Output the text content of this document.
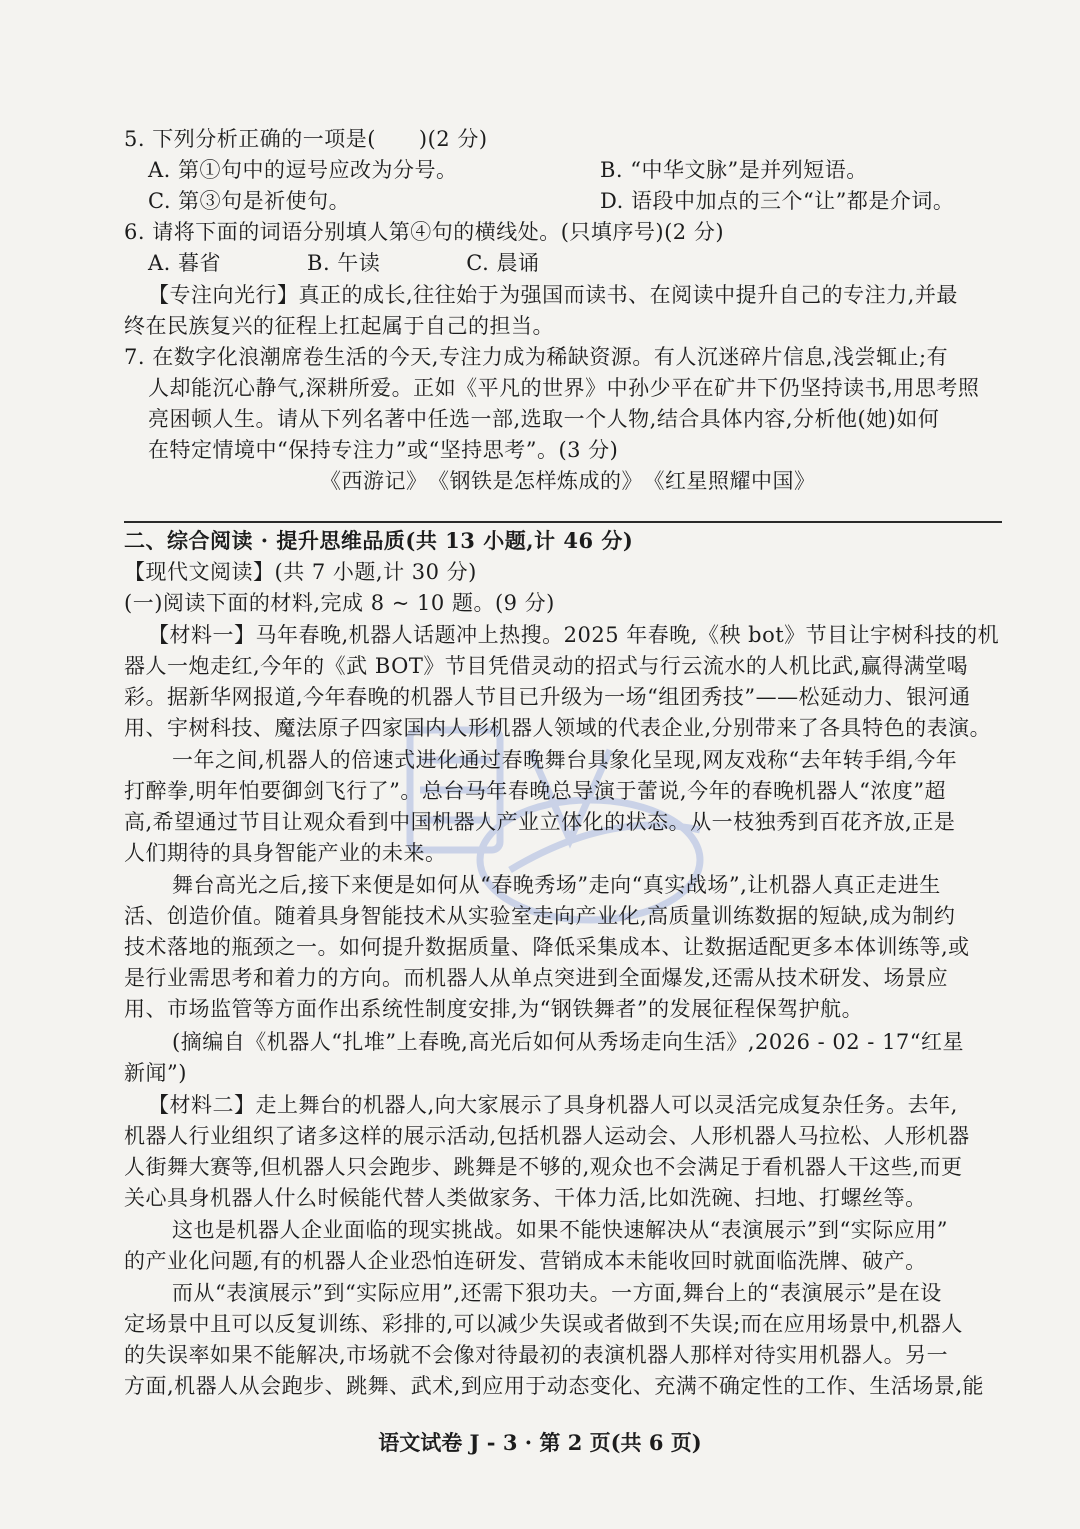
5. 下列分析正确的一项是(　　)(2 分)
A. 第①句中的逗号应改为分号。	B. “中华文脉”是并列短语。
C. 第③句是祈使句。	D. 语段中加点的三个“让”都是介词。
6. 请将下面的词语分别填人第④句的横线处。(只填序号)(2 分)
A. 暮省　　　　B. 午读　　　　C. 晨诵
【专注向光行】真正的成长,往往始于为强国而读书、在阅读中提升自己的专注力,并最
终在民族复兴的征程上扛起属于自己的担当。
7. 在数字化浪潮席卷生活的今天,专注力成为稀缺资源。有人沉迷碎片信息,浅尝辄止;有
人却能沉心静气,深耕所爱。正如《平凡的世界》中孙少平在矿井下仍坚持读书,用思考照
亮困顿人生。请从下列名著中任选一部,选取一个人物,结合具体内容,分析他(她)如何
在特定情境中“保持专注力”或“坚持思考”。(3 分)
《西游记》　《钢铁是怎样炼成的》　《红星照耀中国》
二、综合阅读 · 提升思维品质(共 13 小题,计 46 分)
【现代文阅读】(共 7 小题,计 30 分)
(一)阅读下面的材料,完成 8 ~ 10 题。(9 分)
【材料一】马年春晚,机器人话题冲上热搜。2025 年春晚,《秧 bot》节目让宇树科技的机
器人一炮走红,今年的《武 BOT》节目凭借灵动的招式与行云流水的人机比武,赢得满堂喝
彩。据新华网报道,今年春晚的机器人节目已升级为一场“组团秀技”——松延动力、银河通
用、宇树科技、魔法原子四家国内人形机器人领域的代表企业,分别带来了各具特色的表演。
一年之间,机器人的倍速式进化通过春晚舞台具象化呈现,网友戏称“去年转手绢,今年
打醉拳,明年怕要御剑飞行了”。总台马年春晚总导演于蕾说,今年的春晚机器人“浓度”超
高,希望通过节目让观众看到中国机器人产业立体化的状态。从一枝独秀到百花齐放,正是
人们期待的具身智能产业的未来。
舞台高光之后,接下来便是如何从“春晚秀场”走向“真实战场”,让机器人真正走进生
活、创造价值。随着具身智能技术从实验室走向产业化,高质量训练数据的短缺,成为制约
技术落地的瓶颈之一。如何提升数据质量、降低采集成本、让数据适配更多本体训练等,或
是行业需思考和着力的方向。而机器人从单点突进到全面爆发,还需从技术研发、场景应
用、市场监管等方面作出系统性制度安排,为“钢铁舞者”的发展征程保驾护航。
(摘编自《机器人“扎堆”上春晚,高光后如何从秀场走向生活》,2026 - 02 - 17“红星
新闻”)
【材料二】走上舞台的机器人,向大家展示了具身机器人可以灵活完成复杂任务。去年,
机器人行业组织了诸多这样的展示活动,包括机器人运动会、人形机器人马拉松、人形机器
人街舞大赛等,但机器人只会跑步、跳舞是不够的,观众也不会满足于看机器人干这些,而更
关心具身机器人什么时候能代替人类做家务、干体力活,比如洗碗、扫地、打螺丝等。
这也是机器人企业面临的现实挑战。如果不能快速解决从“表演展示”到“实际应用”
的产业化问题,有的机器人企业恐怕连研发、营销成本未能收回时就面临洗牌、破产。
而从“表演展示”到“实际应用”,还需下狠功夫。一方面,舞台上的“表演展示”是在设
定场景中且可以反复训练、彩排的,可以减少失误或者做到不失误;而在应用场景中,机器人
的失误率如果不能解决,市场就不会像对待最初的表演机器人那样对待实用机器人。另一
方面,机器人从会跑步、跳舞、武术,到应用于动态变化、充满不确定性的工作、生活场景,能
语文试卷 J - 3 · 第 2 页(共 6 页)
